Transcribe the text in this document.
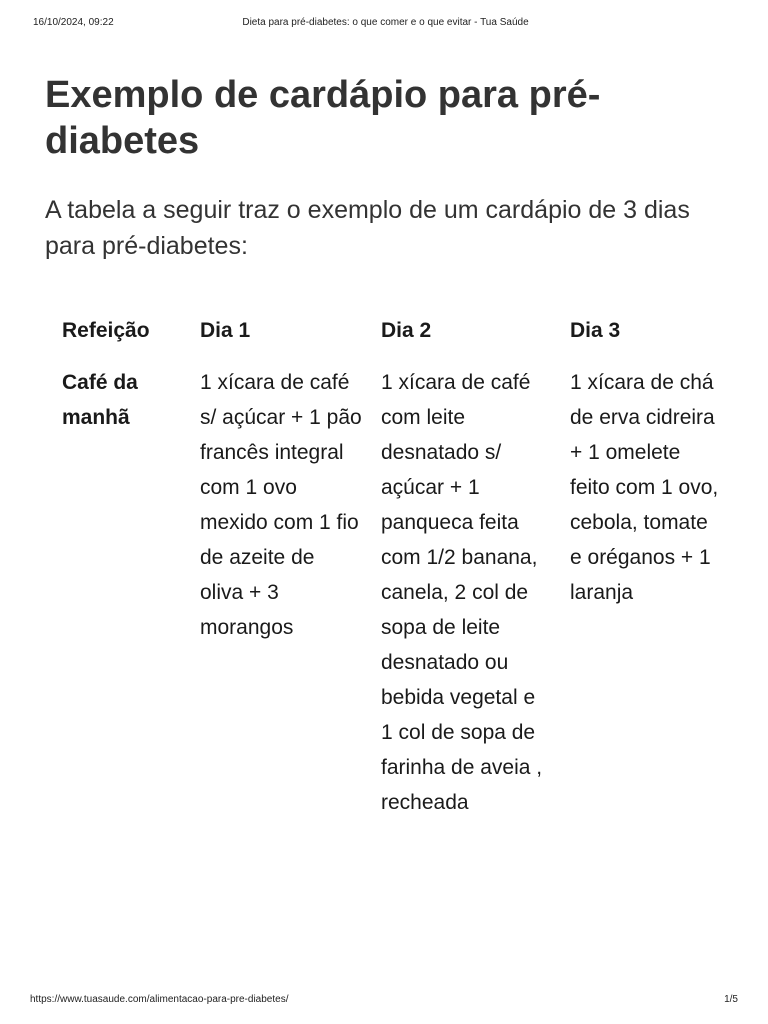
16/10/2024, 09:22	Dieta para pré-diabetes: o que comer e o que evitar - Tua Saúde
Exemplo de cardápio para pré-diabetes

A tabela a seguir traz o exemplo de um cardápio de 3 dias para pré-diabetes:

Refeição	Dia 1	Dia 2	Dia 3
Café da manhã	1 xícara de café s/ açúcar + 1 pão francês integral com 1 ovo mexido com 1 fio de azeite de oliva + 3 morangos	1 xícara de café com leite desnatado s/ açúcar + 1 panqueca feita com 1/2 banana, canela, 2 col de sopa de leite desnatado ou bebida vegetal e 1 col de sopa de farinha de aveia , recheada	1 xícara de chá de erva cidreira + 1 omelete feito com 1 ovo, cebola, tomate e oréganos + 1 laranja
https://www.tuasaude.com/alimentacao-para-pre-diabetes/	1/5
